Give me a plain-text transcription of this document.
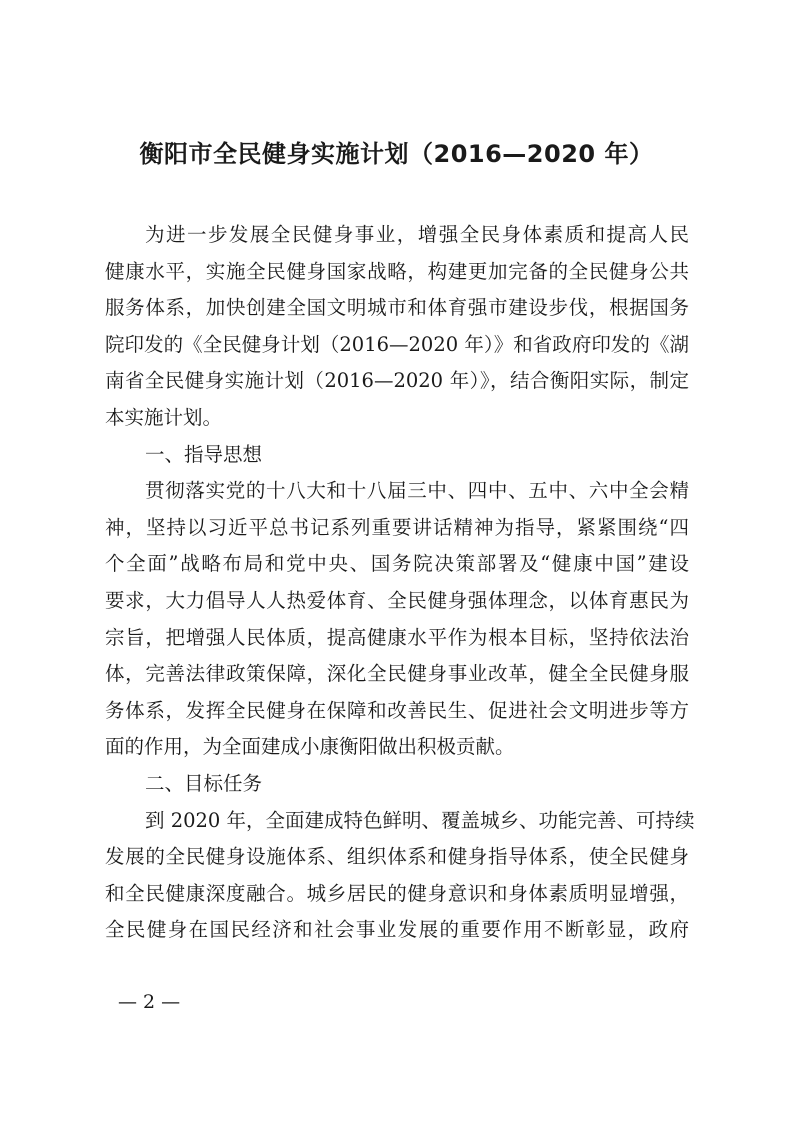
衡阳市全民健身实施计划（2016—2020 年）
为进一步发展全民健身事业，增强全民身体素质和提高人民
健康水平，实施全民健身国家战略，构建更加完备的全民健身公共
服务体系，加快创建全国文明城市和体育强市建设步伐，根据国务
院印发的《全民健身计划（2016—2020 年）》和省政府印发的《湖
南省全民健身实施计划（2016—2020 年）》，结合衡阳实际，制定
本实施计划。
一、指导思想
贯彻落实党的十八大和十八届三中、四中、五中、六中全会精
神，坚持以习近平总书记系列重要讲话精神为指导，紧紧围绕“四
个全面”战略布局和党中央、国务院决策部署及“健康中国”建设
要求，大力倡导人人热爱体育、全民健身强体理念，以体育惠民为
宗旨，把增强人民体质，提高健康水平作为根本目标，坚持依法治
体，完善法律政策保障，深化全民健身事业改革，健全全民健身服
务体系，发挥全民健身在保障和改善民生、促进社会文明进步等方
面的作用，为全面建成小康衡阳做出积极贡献。
二、目标任务
到 2020 年，全面建成特色鲜明、覆盖城乡、功能完善、可持续
发展的全民健身设施体系、组织体系和健身指导体系，使全民健身
和全民健康深度融合。城乡居民的健身意识和身体素质明显增强，
全民健身在国民经济和社会事业发展的重要作用不断彰显，政府
— 2 —
